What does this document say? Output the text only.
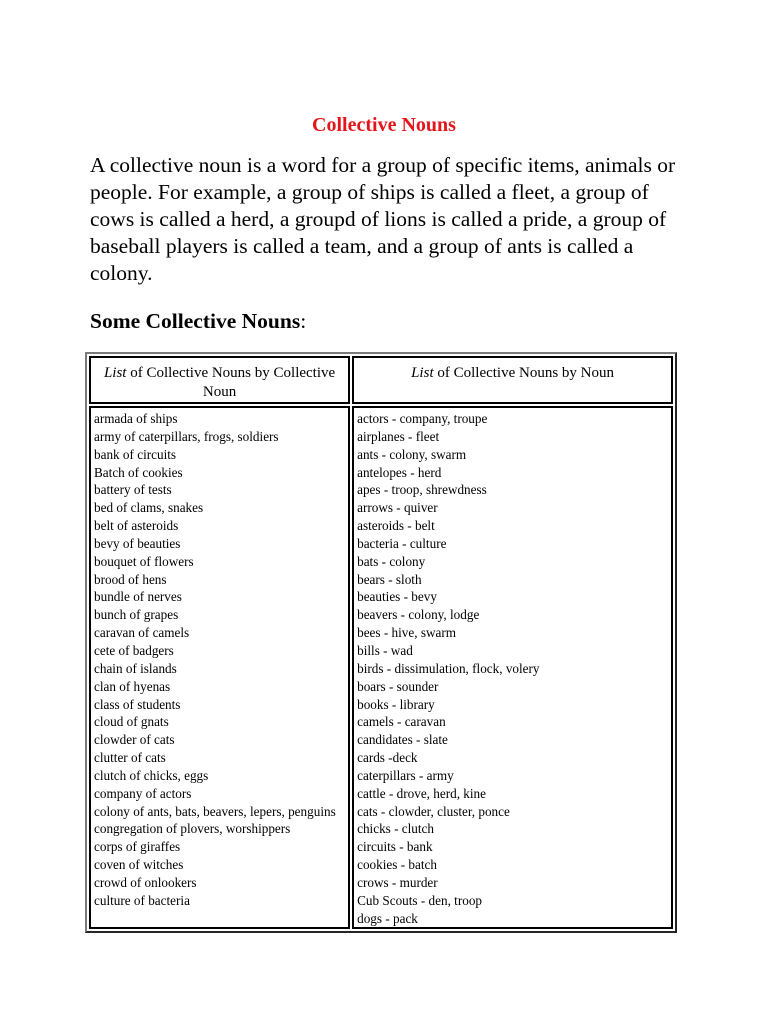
Collective Nouns

A collective noun is a word for a group of specific items, animals or people. For example, a group of ships is called a fleet, a group of cows is called a herd, a groupd of lions is called a pride, a group of baseball players is called a team, and a group of ants is called a colony.

Some Collective Nouns:

List of Collective Nouns by Collective Noun
List of Collective Nouns by Noun
armada of ships
army of caterpillars, frogs, soldiers
bank of circuits
Batch of cookies
battery of tests
bed of clams, snakes
belt of asteroids
bevy of beauties
bouquet of flowers
brood of hens
bundle of nerves
bunch of grapes
caravan of camels
cete of badgers
chain of islands
clan of hyenas
class of students
cloud of gnats
clowder of cats
clutter of cats
clutch of chicks, eggs
company of actors
colony of ants, bats, beavers, lepers, penguins
congregation of plovers, worshippers
corps of giraffes
coven of witches
crowd of onlookers
culture of bacteria
actors - company, troupe
airplanes - fleet
ants - colony, swarm
antelopes - herd
apes - troop, shrewdness
arrows - quiver
asteroids - belt
bacteria - culture
bats - colony
bears - sloth
beauties - bevy
beavers - colony, lodge
bees - hive, swarm
bills - wad
birds - dissimulation, flock, volery
boars - sounder
books - library
camels - caravan
candidates - slate
cards -deck
caterpillars - army
cattle - drove, herd, kine
cats - clowder, cluster, ponce
chicks - clutch
circuits - bank
cookies - batch
crows - murder
Cub Scouts - den, troop
dogs - pack
